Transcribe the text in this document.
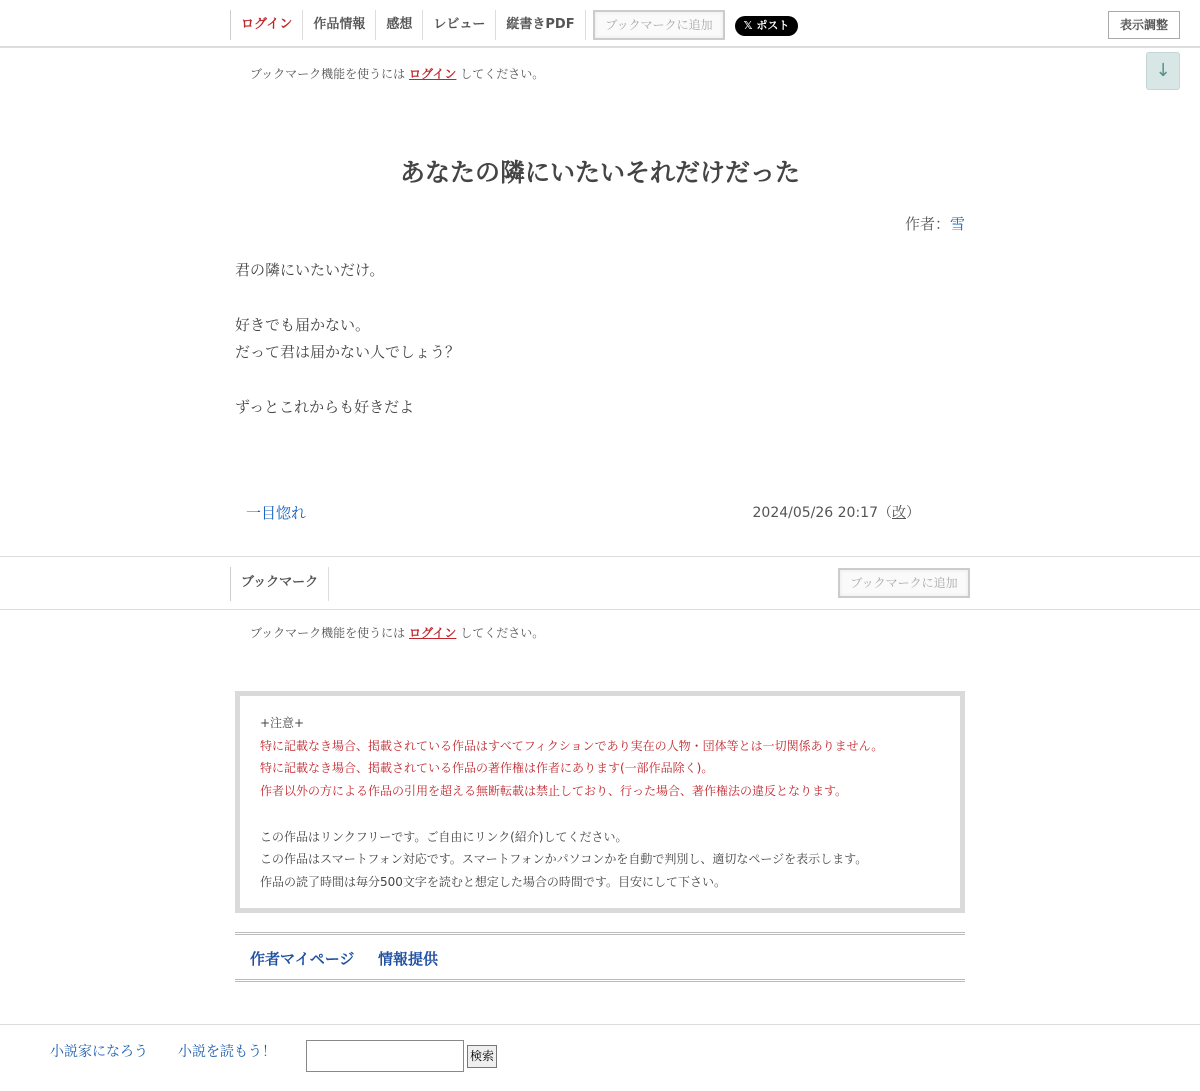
ログイン	作品情報	感想	レビュー	縦書きPDF	ブックマークに追加	𝕏 ポスト	表示調整
↓
ブックマーク機能を使うには ログイン してください。
あなたの隣にいたいそれだけだった
作者：雪
君の隣にいたいだけ。
好きでも届かない。
だって君は届かない人でしょう？
ずっとこれからも好きだよ
一目惚れ	2024/05/26 20:17（改）
ブックマーク	ブックマークに追加
ブックマーク機能を使うには ログイン してください。
+注意+
特に記載なき場合、掲載されている作品はすべてフィクションであり実在の人物・団体等とは一切関係ありません。
特に記載なき場合、掲載されている作品の著作権は作者にあります(一部作品除く)。
作者以外の方による作品の引用を超える無断転載は禁止しており、行った場合、著作権法の違反となります。
この作品はリンクフリーです。ご自由にリンク(紹介)してください。
この作品はスマートフォン対応です。スマートフォンかパソコンかを自動で判別し、適切なページを表示します。
作品の読了時間は毎分500文字を読むと想定した場合の時間です。目安にして下さい。
作者マイページ 情報提供
小説家になろう 小説を読もう！	検索
